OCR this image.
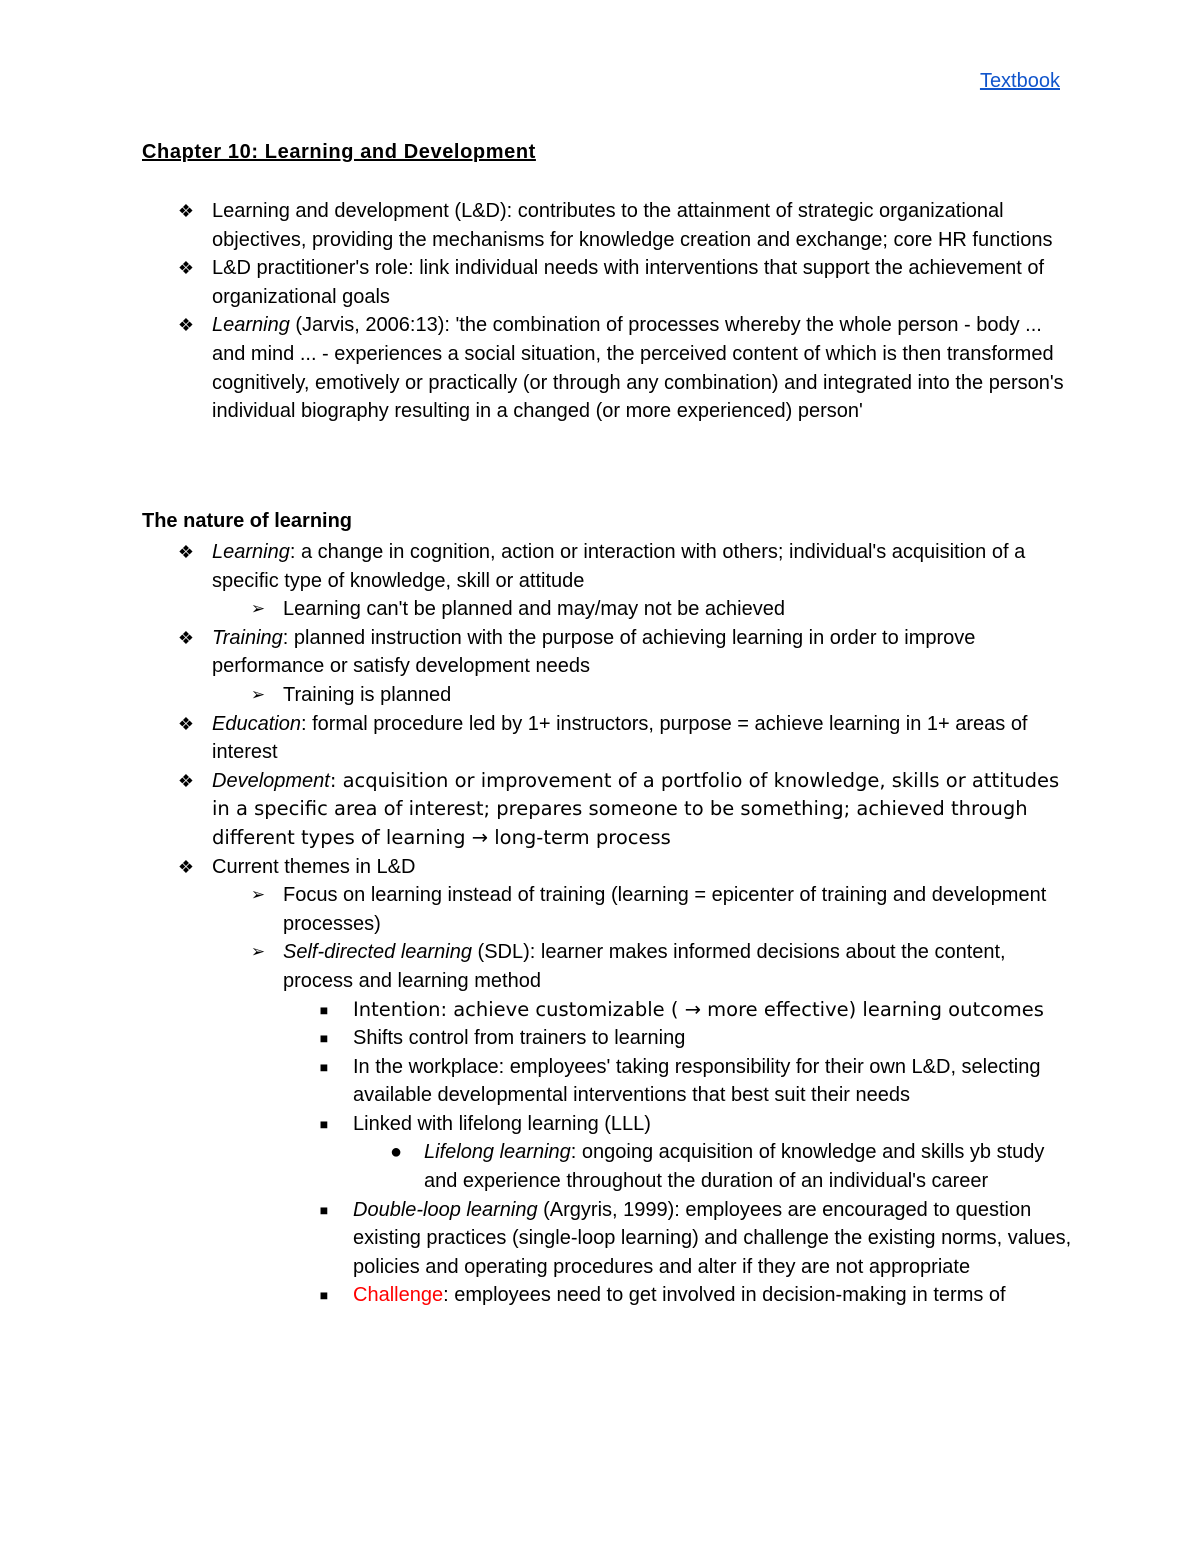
Textbook
Chapter 10: Learning and Development
❖ Learning and development (L&D): contributes to the attainment of strategic organizational objectives, providing the mechanisms for knowledge creation and exchange; core HR functions
❖ L&D practitioner's role: link individual needs with interventions that support the achievement of organizational goals
❖ Learning (Jarvis, 2006:13): 'the combination of processes whereby the whole person - body ... and mind ... - experiences a social situation, the perceived content of which is then transformed cognitively, emotively or practically (or through any combination) and integrated into the person's individual biography resulting in a changed (or more experienced) person'
The nature of learning
❖ Learning: a change in cognition, action or interaction with others; individual's acquisition of a specific type of knowledge, skill or attitude
➢ Learning can't be planned and may/may not be achieved
❖ Training: planned instruction with the purpose of achieving learning in order to improve performance or satisfy development needs
➢ Training is planned
❖ Education: formal procedure led by 1+ instructors, purpose = achieve learning in 1+ areas of interest
❖ Development: acquisition or improvement of a portfolio of knowledge, skills or attitudes in a specific area of interest; prepares someone to be something; achieved through different types of learning → long-term process
❖ Current themes in L&D
➢ Focus on learning instead of training (learning = epicenter of training and development processes)
➢ Self-directed learning (SDL): learner makes informed decisions about the content, process and learning method
■ Intention: achieve customizable ( → more effective) learning outcomes
■ Shifts control from trainers to learning
■ In the workplace: employees' taking responsibility for their own L&D, selecting available developmental interventions that best suit their needs
■ Linked with lifelong learning (LLL)
● Lifelong learning: ongoing acquisition of knowledge and skills yb study and experience throughout the duration of an individual's career
■ Double-loop learning (Argyris, 1999): employees are encouraged to question existing practices (single-loop learning) and challenge the existing norms, values, policies and operating procedures and alter if they are not appropriate
■ Challenge: employees need to get involved in decision-making in terms of
